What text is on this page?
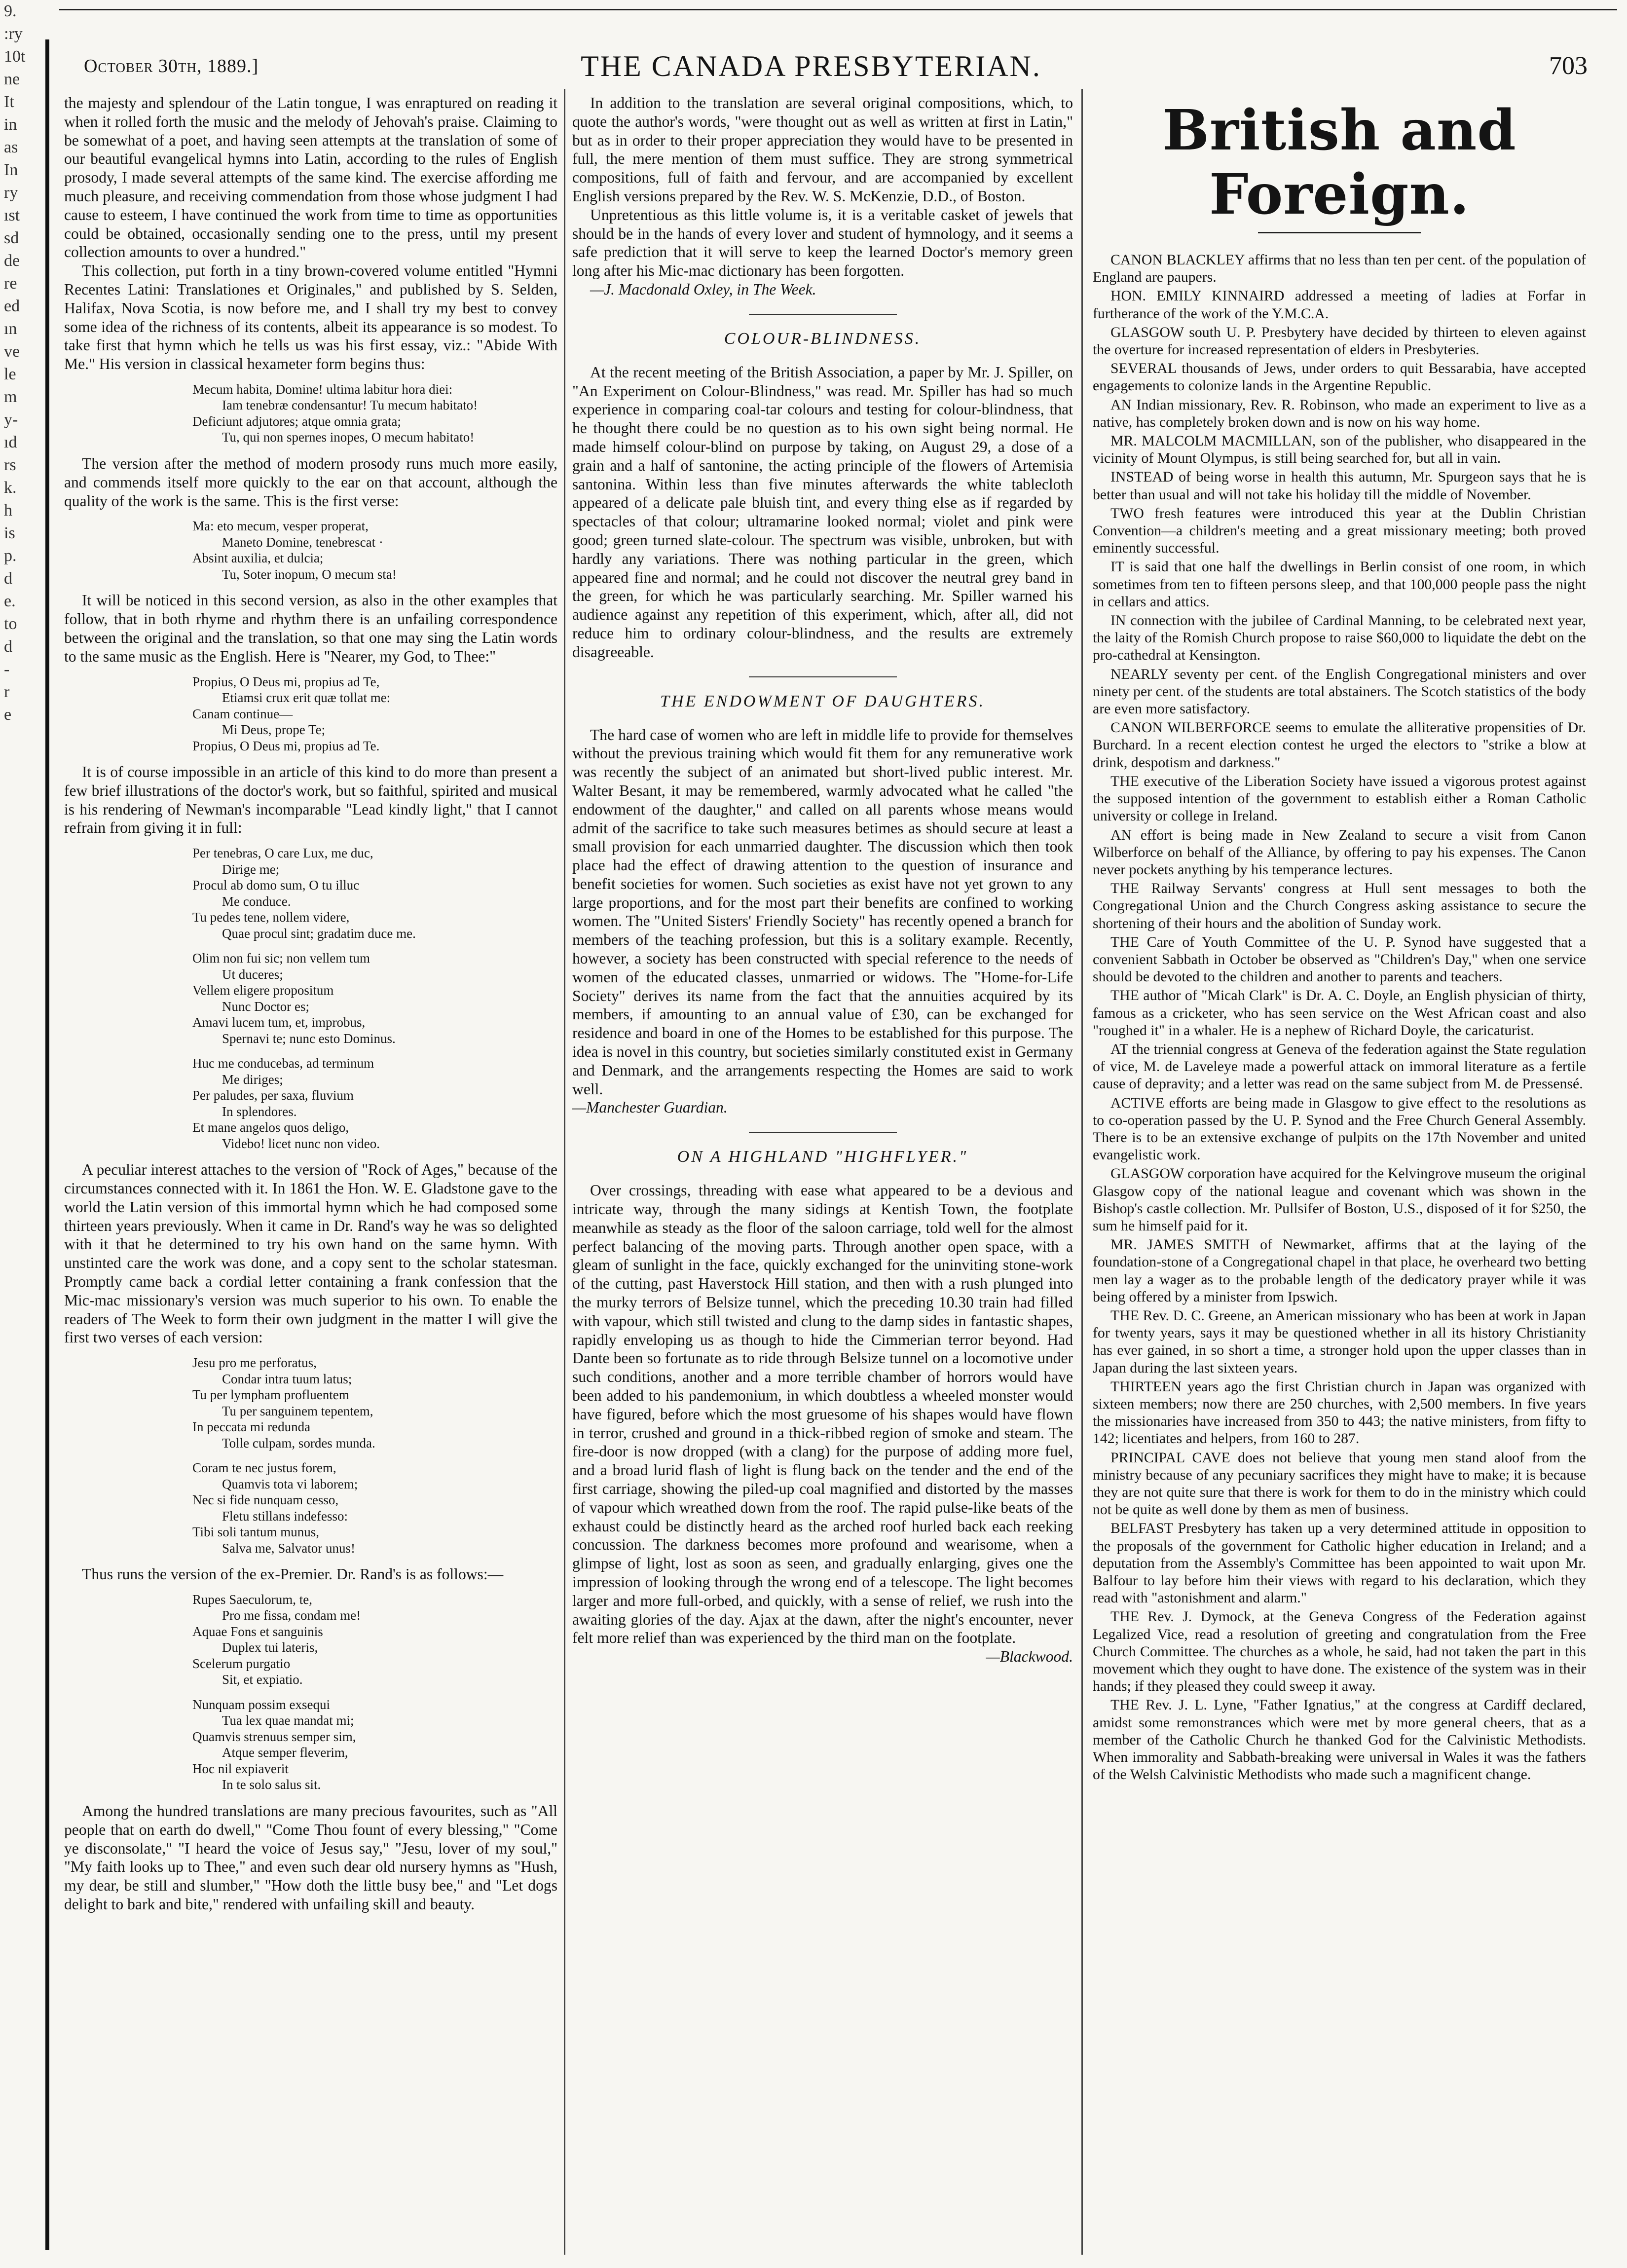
9.
:ry
10t
ne
It
in
as
In
ry
ıst
sd
de
re
ed
ın
ve
le
m
y-
ıd
rs
k.
h
is
p.
d
e.
to
d
-
r
e
October 30th, 1889.]	THE CANADA PRESBYTERIAN.	703

the majesty and splendour of the Latin tongue, I was enraptured on reading it when it rolled forth the music and the melody of Jehovah's praise. Claiming to be somewhat of a poet, and having seen attempts at the translation of some of our beautiful evangelical hymns into Latin, according to the rules of English prosody, I made several attempts of the same kind. The exercise affording me much pleasure, and receiving commendation from those whose judgment I had cause to esteem, I have continued the work from time to time as opportunities could be obtained, occasionally sending one to the press, until my present collection amounts to over a hundred."

This collection, put forth in a tiny brown-covered volume entitled "Hymni Recentes Latini: Translationes et Originales," and published by S. Selden, Halifax, Nova Scotia, is now before me, and I shall try my best to convey some idea of the richness of its contents, albeit its appearance is so modest. To take first that hymn which he tells us was his first essay, viz.: "Abide With Me." His version in classical hexameter form begins thus:

Mecum habita, Domine! ultima labitur hora diei:
Iam tenebræ condensantur! Tu mecum habitato!
Deficiunt adjutores; atque omnia grata;
Tu, qui non spernes inopes, O mecum habitato!

The version after the method of modern prosody runs much more easily, and commends itself more quickly to the ear on that account, although the quality of the work is the same. This is the first verse:

Ma: eto mecum, vesper properat,
Maneto Domine, tenebrescat ·
Absint auxilia, et dulcia;
Tu, Soter inopum, O mecum sta!

It will be noticed in this second version, as also in the other examples that follow, that in both rhyme and rhythm there is an unfailing correspondence between the original and the translation, so that one may sing the Latin words to the same music as the English. Here is "Nearer, my God, to Thee:"

Propius, O Deus mi, propius ad Te,
Etiamsi crux erit quæ tollat me:
Canam continue—
Mi Deus, prope Te;
Propius, O Deus mi, propius ad Te.

It is of course impossible in an article of this kind to do more than present a few brief illustrations of the doctor's work, but so faithful, spirited and musical is his rendering of Newman's incomparable "Lead kindly light," that I cannot refrain from giving it in full:

Per tenebras, O care Lux, me duc,
Dirige me;
Procul ab domo sum, O tu illuc
Me conduce.
Tu pedes tene, nollem videre,
Quae procul sint; gradatim duce me.
Olim non fui sic; non vellem tum
Ut duceres;
Vellem eligere propositum
Nunc Doctor es;
Amavi lucem tum, et, improbus,
Spernavi te; nunc esto Dominus.
Huc me conducebas, ad terminum
Me diriges;
Per paludes, per saxa, fluvium
In splendores.
Et mane angelos quos deligo,
Videbo! licet nunc non video.

A peculiar interest attaches to the version of "Rock of Ages," because of the circumstances connected with it. In 1861 the Hon. W. E. Gladstone gave to the world the Latin version of this immortal hymn which he had composed some thirteen years previously. When it came in Dr. Rand's way he was so delighted with it that he determined to try his own hand on the same hymn. With unstinted care the work was done, and a copy sent to the scholar statesman. Promptly came back a cordial letter containing a frank confession that the Mic-mac missionary's version was much superior to his own. To enable the readers of The Week to form their own judgment in the matter I will give the first two verses of each version:

Jesu pro me perforatus,
Condar intra tuum latus;
Tu per lympham profluentem
Tu per sanguinem tepentem,
In peccata mi redunda
Tolle culpam, sordes munda.
Coram te nec justus forem,
Quamvis tota vi laborem;
Nec si fide nunquam cesso,
Fletu stillans indefesso:
Tibi soli tantum munus,
Salva me, Salvator unus!

Thus runs the version of the ex-Premier. Dr. Rand's is as follows:—

Rupes Saeculorum, te,
Pro me fissa, condam me!
Aquae Fons et sanguinis
Duplex tui lateris,
Scelerum purgatio
Sit, et expiatio.
Nunquam possim exsequi
Tua lex quae mandat mi;
Quamvis strenuus semper sim,
Atque semper fleverim,
Hoc nil expiaverit
In te solo salus sit.

Among the hundred translations are many precious favourites, such as "All people that on earth do dwell," "Come Thou fount of every blessing," "Come ye disconsolate," "I heard the voice of Jesus say," "Jesu, lover of my soul," "My faith looks up to Thee," and even such dear old nursery hymns as "Hush, my dear, be still and slumber," "How doth the little busy bee," and "Let dogs delight to bark and bite," rendered with unfailing skill and beauty.

In addition to the translation are several original compositions, which, to quote the author's words, "were thought out as well as written at first in Latin," but as in order to their proper appreciation they would have to be presented in full, the mere mention of them must suffice. They are strong symmetrical compositions, full of faith and fervour, and are accompanied by excellent English versions prepared by the Rev. W. S. McKenzie, D.D., of Boston.

Unpretentious as this little volume is, it is a veritable casket of jewels that should be in the hands of every lover and student of hymnology, and it seems a safe prediction that it will serve to keep the learned Doctor's memory green long after his Mic-mac dictionary has been forgotten.

—J. Macdonald Oxley, in The Week.

COLOUR-BLINDNESS.

At the recent meeting of the British Association, a paper by Mr. J. Spiller, on "An Experiment on Colour-Blindness," was read. Mr. Spiller has had so much experience in comparing coal-tar colours and testing for colour-blindness, that he thought there could be no question as to his own sight being normal. He made himself colour-blind on purpose by taking, on August 29, a dose of a grain and a half of santonine, the acting principle of the flowers of Artemisia santonina. Within less than five minutes afterwards the white tablecloth appeared of a delicate pale bluish tint, and every thing else as if regarded by spectacles of that colour; ultramarine looked normal; violet and pink were good; green turned slate-colour. The spectrum was visible, unbroken, but with hardly any variations. There was nothing particular in the green, which appeared fine and normal; and he could not discover the neutral grey band in the green, for which he was particularly searching. Mr. Spiller warned his audience against any repetition of this experiment, which, after all, did not reduce him to ordinary colour-blindness, and the results are extremely disagreeable.

THE ENDOWMENT OF DAUGHTERS.

The hard case of women who are left in middle life to provide for themselves without the previous training which would fit them for any remunerative work was recently the subject of an animated but short-lived public interest. Mr. Walter Besant, it may be remembered, warmly advocated what he called "the endowment of the daughter," and called on all parents whose means would admit of the sacrifice to take such measures betimes as should secure at least a small provision for each unmarried daughter. The discussion which then took place had the effect of drawing attention to the question of insurance and benefit societies for women. Such societies as exist have not yet grown to any large proportions, and for the most part their benefits are confined to working women. The "United Sisters' Friendly Society" has recently opened a branch for members of the teaching profession, but this is a solitary example. Recently, however, a society has been constructed with special reference to the needs of women of the educated classes, unmarried or widows. The "Home-for-Life Society" derives its name from the fact that the annuities acquired by its members, if amounting to an annual value of £30, can be exchanged for residence and board in one of the Homes to be established for this purpose. The idea is novel in this country, but societies similarly constituted exist in Germany and Denmark, and the arrangements respecting the Homes are said to work well.

—Manchester Guardian.

ON A HIGHLAND "HIGHFLYER."

Over crossings, threading with ease what appeared to be a devious and intricate way, through the many sidings at Kentish Town, the footplate meanwhile as steady as the floor of the saloon carriage, told well for the almost perfect balancing of the moving parts. Through another open space, with a gleam of sunlight in the face, quickly exchanged for the uninviting stone-work of the cutting, past Haverstock Hill station, and then with a rush plunged into the murky terrors of Belsize tunnel, which the preceding 10.30 train had filled with vapour, which still twisted and clung to the damp sides in fantastic shapes, rapidly enveloping us as though to hide the Cimmerian terror beyond. Had Dante been so fortunate as to ride through Belsize tunnel on a locomotive under such conditions, another and a more terrible chamber of horrors would have been added to his pandemonium, in which doubtless a wheeled monster would have figured, before which the most gruesome of his shapes would have flown in terror, crushed and ground in a thick-ribbed region of smoke and steam. The fire-door is now dropped (with a clang) for the purpose of adding more fuel, and a broad lurid flash of light is flung back on the tender and the end of the first carriage, showing the piled-up coal magnified and distorted by the masses of vapour which wreathed down from the roof. The rapid pulse-like beats of the exhaust could be distinctly heard as the arched roof hurled back each reeking concussion. The darkness becomes more profound and wearisome, when a glimpse of light, lost as soon as seen, and gradually enlarging, gives one the impression of looking through the wrong end of a telescope. The light becomes larger and more full-orbed, and quickly, with a sense of relief, we rush into the awaiting glories of the day. Ajax at the dawn, after the night's encounter, never felt more relief than was experienced by the third man on the footplate.

—Blackwood.

British and Foreign.

CANON BLACKLEY affirms that no less than ten per cent. of the population of England are paupers.

HON. EMILY KINNAIRD addressed a meeting of ladies at Forfar in furtherance of the work of the Y.M.C.A.

GLASGOW south U. P. Presbytery have decided by thirteen to eleven against the overture for increased representation of elders in Presbyteries.

SEVERAL thousands of Jews, under orders to quit Bessarabia, have accepted engagements to colonize lands in the Argentine Republic.

AN Indian missionary, Rev. R. Robinson, who made an experiment to live as a native, has completely broken down and is now on his way home.

MR. MALCOLM MACMILLAN, son of the publisher, who disappeared in the vicinity of Mount Olympus, is still being searched for, but all in vain.

INSTEAD of being worse in health this autumn, Mr. Spurgeon says that he is better than usual and will not take his holiday till the middle of November.

TWO fresh features were introduced this year at the Dublin Christian Convention—a children's meeting and a great missionary meeting; both proved eminently successful.

IT is said that one half the dwellings in Berlin consist of one room, in which sometimes from ten to fifteen persons sleep, and that 100,000 people pass the night in cellars and attics.

IN connection with the jubilee of Cardinal Manning, to be celebrated next year, the laity of the Romish Church propose to raise $60,000 to liquidate the debt on the pro-cathedral at Kensington.

NEARLY seventy per cent. of the English Congregational ministers and over ninety per cent. of the students are total abstainers. The Scotch statistics of the body are even more satisfactory.

CANON WILBERFORCE seems to emulate the alliterative propensities of Dr. Burchard. In a recent election contest he urged the electors to "strike a blow at drink, despotism and darkness."

THE executive of the Liberation Society have issued a vigorous protest against the supposed intention of the government to establish either a Roman Catholic university or college in Ireland.

AN effort is being made in New Zealand to secure a visit from Canon Wilberforce on behalf of the Alliance, by offering to pay his expenses. The Canon never pockets anything by his temperance lectures.

THE Railway Servants' congress at Hull sent messages to both the Congregational Union and the Church Congress asking assistance to secure the shortening of their hours and the abolition of Sunday work.

THE Care of Youth Committee of the U. P. Synod have suggested that a convenient Sabbath in October be observed as "Children's Day," when one service should be devoted to the children and another to parents and teachers.

THE author of "Micah Clark" is Dr. A. C. Doyle, an English physician of thirty, famous as a cricketer, who has seen service on the West African coast and also "roughed it" in a whaler. He is a nephew of Richard Doyle, the caricaturist.

AT the triennial congress at Geneva of the federation against the State regulation of vice, M. de Laveleye made a powerful attack on immoral literature as a fertile cause of depravity; and a letter was read on the same subject from M. de Pressensé.

ACTIVE efforts are being made in Glasgow to give effect to the resolutions as to co-operation passed by the U. P. Synod and the Free Church General Assembly. There is to be an extensive exchange of pulpits on the 17th November and united evangelistic work.

GLASGOW corporation have acquired for the Kelvingrove museum the original Glasgow copy of the national league and covenant which was shown in the Bishop's castle collection. Mr. Pullsifer of Boston, U.S., disposed of it for $250, the sum he himself paid for it.

MR. JAMES SMITH of Newmarket, affirms that at the laying of the foundation-stone of a Congregational chapel in that place, he overheard two betting men lay a wager as to the probable length of the dedicatory prayer while it was being offered by a minister from Ipswich.

THE Rev. D. C. Greene, an American missionary who has been at work in Japan for twenty years, says it may be questioned whether in all its history Christianity has ever gained, in so short a time, a stronger hold upon the upper classes than in Japan during the last sixteen years.

THIRTEEN years ago the first Christian church in Japan was organized with sixteen members; now there are 250 churches, with 2,500 members. In five years the missionaries have increased from 350 to 443; the native ministers, from fifty to 142; licentiates and helpers, from 160 to 287.

PRINCIPAL CAVE does not believe that young men stand aloof from the ministry because of any pecuniary sacrifices they might have to make; it is because they are not quite sure that there is work for them to do in the ministry which could not be quite as well done by them as men of business.

BELFAST Presbytery has taken up a very determined attitude in opposition to the proposals of the government for Catholic higher education in Ireland; and a deputation from the Assembly's Committee has been appointed to wait upon Mr. Balfour to lay before him their views with regard to his declaration, which they read with "astonishment and alarm."

THE Rev. J. Dymock, at the Geneva Congress of the Federation against Legalized Vice, read a resolution of greeting and congratulation from the Free Church Committee. The churches as a whole, he said, had not taken the part in this movement which they ought to have done. The existence of the system was in their hands; if they pleased they could sweep it away.

THE Rev. J. L. Lyne, "Father Ignatius," at the congress at Cardiff declared, amidst some remonstrances which were met by more general cheers, that as a member of the Catholic Church he thanked God for the Calvinistic Methodists. When immorality and Sabbath-breaking were universal in Wales it was the fathers of the Welsh Calvinistic Methodists who made such a magnificent change.
